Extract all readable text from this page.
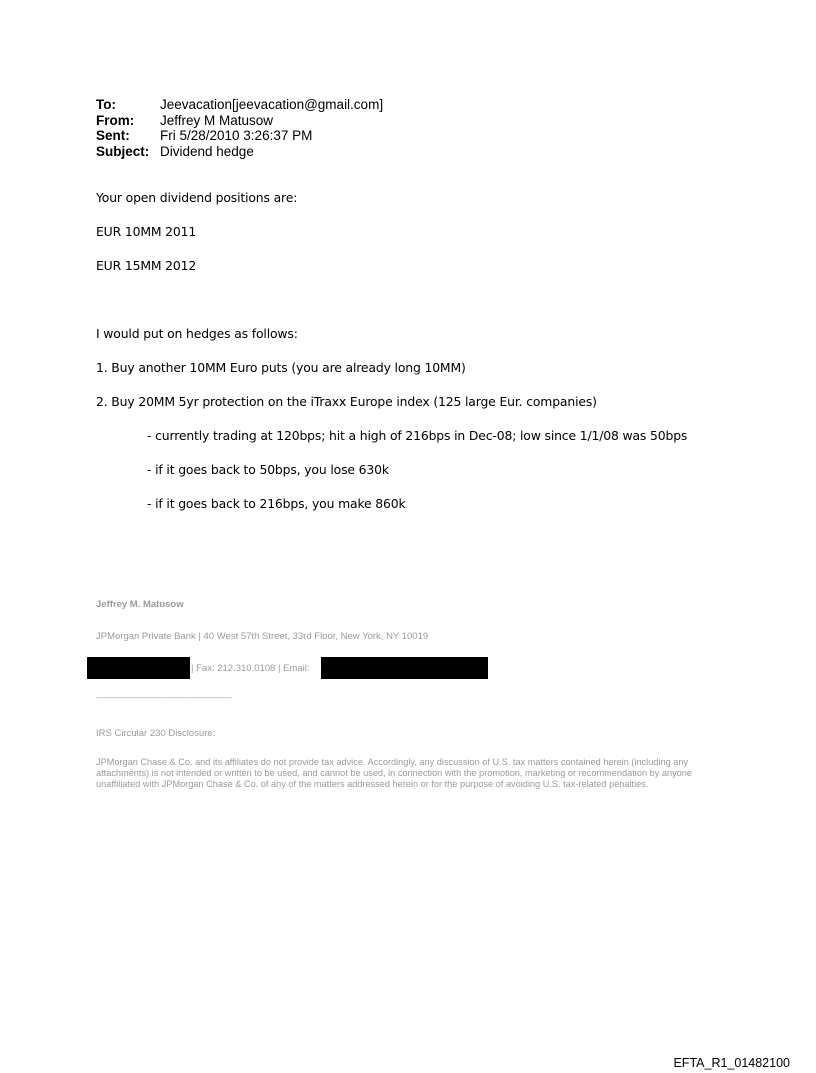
To:	Jeevacation[jeevacation@gmail.com]
From:	Jeffrey M Matusow
Sent:	Fri 5/28/2010 3:26:37 PM
Subject: Dividend hedge
Your open dividend positions are:
EUR 10MM 2011
EUR 15MM 2012
I would put on hedges as follows:
1. Buy another 10MM Euro puts (you are already long 10MM)
2. Buy 20MM 5yr protection on the iTraxx Europe index (125 large Eur. companies)
- currently trading at 120bps; hit a high of 216bps in Dec-08; low since 1/1/08 was 50bps
- if it goes back to 50bps, you lose 630k
- if it goes back to 216bps, you make 860k
Jeffrey M. Matusow
JPMorgan Private Bank | 40 West 57th Street, 33rd Floor, New York, NY 10019
| Fax: 212.310.0108 | Email:
--------------------------------------------------------------------------
IRS Circular 230 Disclosure:
JPMorgan Chase & Co. and its affiliates do not provide tax advice. Accordingly, any discussion of U.S. tax matters contained herein (including any attachments) is not intended or written to be used, and cannot be used, in connection with the promotion, marketing or recommendation by anyone unaffiliated with JPMorgan Chase & Co. of any of the matters addressed herein or for the purpose of avoiding U.S. tax-related penalties.
EFTA_R1_01482100
